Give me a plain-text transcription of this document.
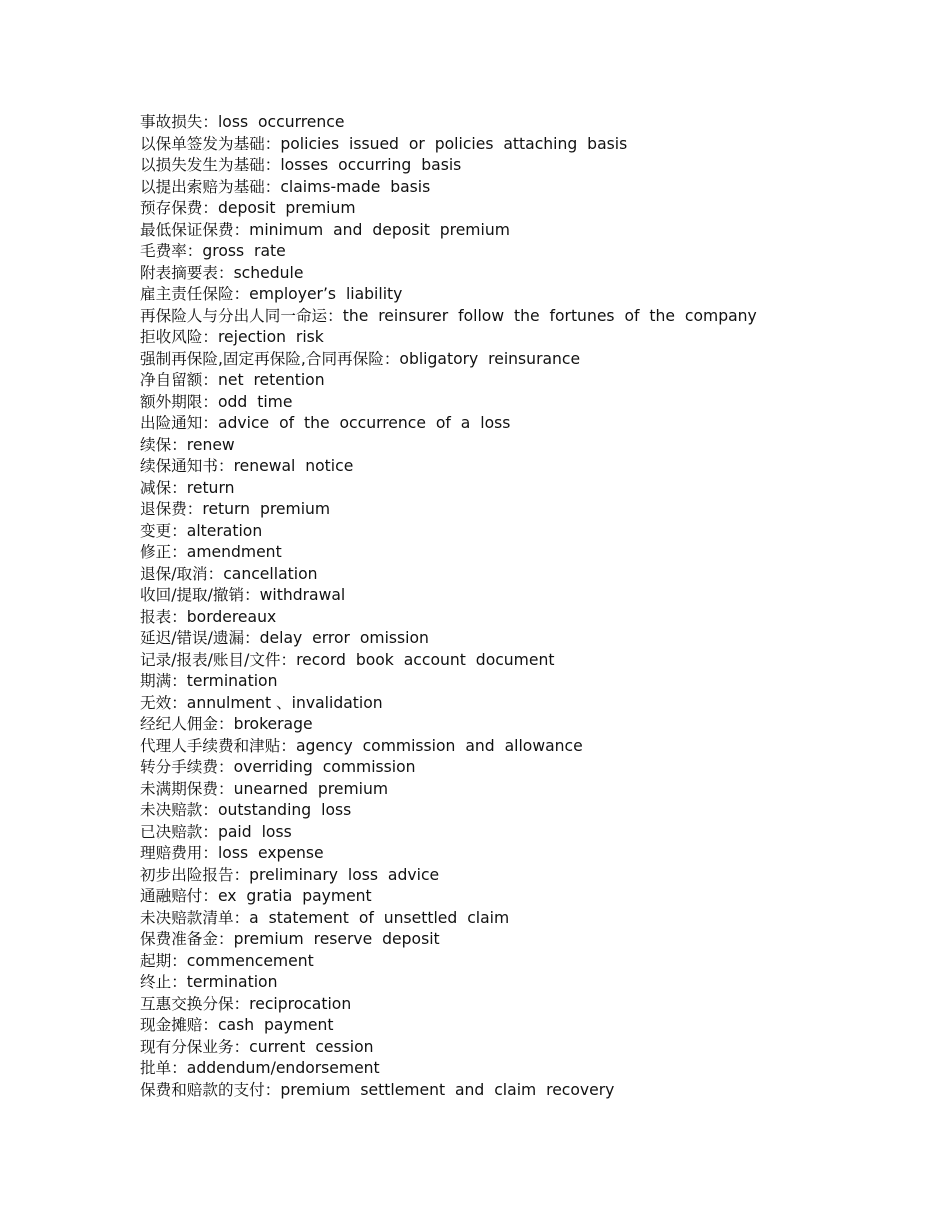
事故损失：loss  occurrence
以保单签发为基础：policies  issued  or  policies  attaching  basis
以损失发生为基础：losses  occurring  basis
以提出索赔为基础：claims-made  basis
预存保费：deposit  premium
最低保证保费：minimum  and  deposit  premium
毛费率：gross  rate
附表摘要表：schedule
雇主责任保险：employer’s  liability
再保险人与分出人同一命运：the  reinsurer  follow  the  fortunes  of  the  company
拒收风险：rejection  risk
强制再保险,固定再保险,合同再保险：obligatory  reinsurance
净自留额：net  retention
额外期限：odd  time
出险通知：advice  of  the  occurrence  of  a  loss
续保：renew
续保通知书：renewal  notice
减保：return
退保费：return  premium
变更：alteration
修正：amendment
退保/取消：cancellation
收回/提取/撤销：withdrawal
报表：bordereaux
延迟/错误/遗漏：delay  error  omission
记录/报表/账目/文件：record  book  account  document
期满：termination
无效：annulment 、invalidation
经纪人佣金：brokerage
代理人手续费和津贴：agency  commission  and  allowance
转分手续费：overriding  commission
未满期保费：unearned  premium
未决赔款：outstanding  loss
已决赔款：paid  loss
理赔费用：loss  expense
初步出险报告：preliminary  loss  advice
通融赔付：ex  gratia  payment
未决赔款清单：a  statement  of  unsettled  claim
保费准备金：premium  reserve  deposit
起期：commencement
终止：termination
互惠交换分保：reciprocation
现金摊赔：cash  payment
现有分保业务：current  cession
批单：addendum/endorsement
保费和赔款的支付：premium  settlement  and  claim  recovery
